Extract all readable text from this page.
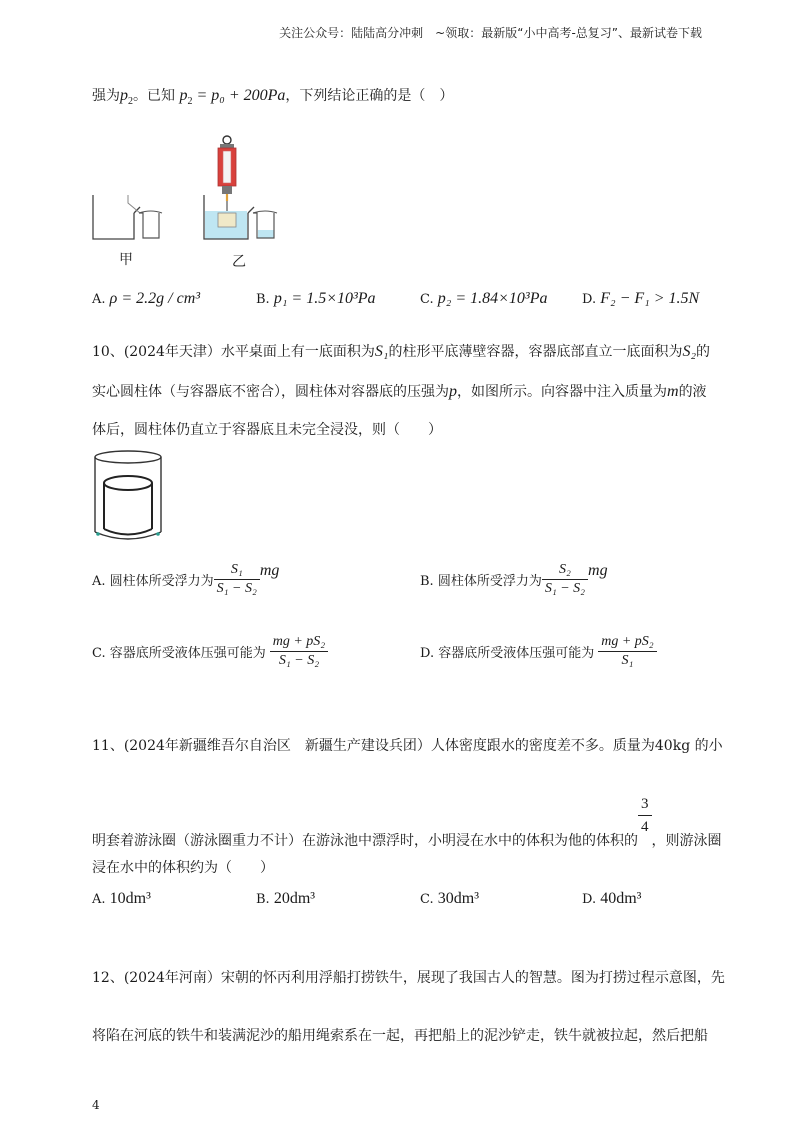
关注公众号：陆陆高分冲刺　~领取：最新版“小中高考-总复习”、最新试卷下载
强为$p_2$。已知 $p_2 = p_0 + 200Pa$，下列结论正确的是（　）
甲	乙
A. ρ = 2.2g / cm³	B. p₁ = 1.5×10³Pa	C. p₂ = 1.84×10³Pa	D. F₂ − F₁ > 1.5N
10、(2024年天津）水平桌面上有一底面积为S₁的柱形平底薄壁容器，容器底部直立一底面积为S₂的
实心圆柱体（与容器底不密合），圆柱体对容器底的压强为p，如图所示。向容器中注入质量为m的液
体后，圆柱体仍直立于容器底且未完全浸没，则（　　）
A. 圆柱体所受浮力为 $\frac{\text{S₁}}{\text{S₁ − S₂}}$ mg
B. 圆柱体所受浮力为 $\frac{\text{S₂}}{\text{S₁ − S₂}}$ mg
C. 容器底所受液体压强可能为 $\frac{\text{mg + pS₂}}{\text{S₁ − S₂}}$	D. 容器底所受液体压强可能为 $\frac{\text{mg + pS₂}}{\text{S₁}}$
11、(2024年新疆维吾尔自治区　新疆生产建设兵团）人体密度跟水的密度差不多。质量为40kg 的小
明套着游泳圈（游泳圈重力不计）在游泳池中漂浮时，小明浸在水中的体积为他的体积的
$\frac{3}{4}$
，则游泳圈
浸在水中的体积约为（　　）
A. 10dm³	B. 20dm³	C. 30dm³	D. 40dm³
12、(2024年河南）宋朝的怀丙利用浮船打捞铁牛，展现了我国古人的智慧。图为打捞过程示意图，先
将陷在河底的铁牛和装满泥沙的船用绳索系在一起，再把船上的泥沙铲走，铁牛就被拉起，然后把船
4
